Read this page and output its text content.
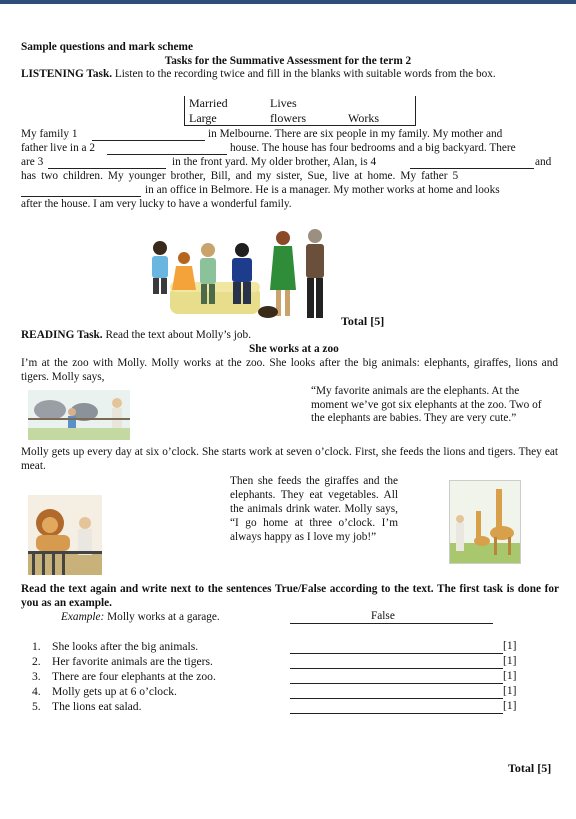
Sample questions and mark scheme
Tasks for the Summative Assessment for the term 2
LISTENING Task. Listen to the recording twice and fill in the blanks with suitable words from the box.
Married	Lives
Large	flowers	Works
My family 1	in Melbourne. There are six people in my family. My mother and
father live in a 2	house. The house has four bedrooms and a big backyard. There
are 3	in the front yard. My older brother, Alan, is 4	and
has two children. My younger brother, Bill, and my sister, Sue, live at home. My father 5
in an office in Belmore. He is a manager. My mother works at home and looks
after the house. I am very lucky to have a wonderful family.
Total [5]
READING Task. Read the text about Molly’s job.
She works at a zoo
I’m at the zoo with Molly. Molly works at the zoo. She looks after the big animals: elephants, giraffes, lions and tigers. Molly says,
“My favorite animals are the elephants. At the moment we’ve got six elephants at the zoo. Two of the elephants are babies. They are very cute.”
Molly gets up every day at six o’clock. She starts work at seven o’clock. First, she feeds the lions and tigers. They eat meat.
Then she feeds the giraffes and the elephants. They eat vegetables. All the animals drink water. Molly says, “I go home at three o’clock. I’m always happy as I love my job!”
Read the text again and write next to the sentences True/False according to the text. The first task is done for you as an example.
Example: Molly works at a garage.	False
1. She looks after the big animals.	[1]
2. Her favorite animals are the tigers.	[1]
3. There are four elephants at the zoo.	[1]
4. Molly gets up at 6 o’clock.	[1]
5. The lions eat salad.	[1]
Total [5]
